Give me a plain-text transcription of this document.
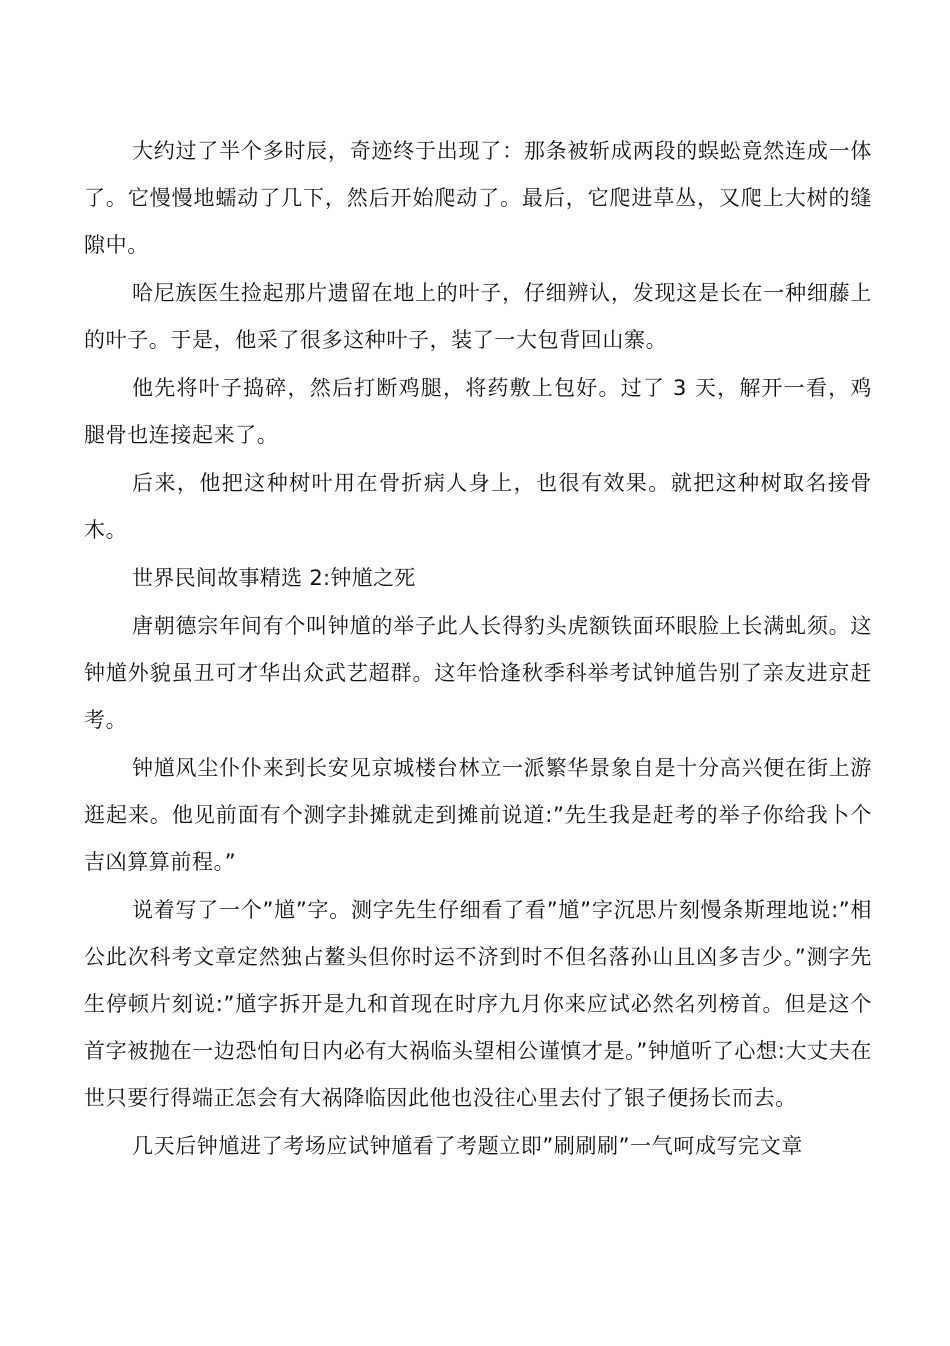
大约过了半个多时辰，奇迹终于出现了：那条被斩成两段的蜈蚣竟然连成一体了。它慢慢地蠕动了几下，然后开始爬动了。最后，它爬进草丛，又爬上大树的缝隙中。

哈尼族医生捡起那片遗留在地上的叶子，仔细辨认，发现这是长在一种细藤上的叶子。于是，他采了很多这种叶子，装了一大包背回山寨。

他先将叶子捣碎，然后打断鸡腿，将药敷上包好。过了 3 天，解开一看，鸡腿骨也连接起来了。

后来，他把这种树叶用在骨折病人身上，也很有效果。就把这种树取名接骨木。

世界民间故事精选 2:钟馗之死

唐朝德宗年间有个叫钟馗的举子此人长得豹头虎额铁面环眼脸上长满虬须。这钟馗外貌虽丑可才华出众武艺超群。这年恰逢秋季科举考试钟馗告别了亲友进京赶考。

钟馗风尘仆仆来到长安见京城楼台林立一派繁华景象自是十分高兴便在街上游逛起来。他见前面有个测字卦摊就走到摊前说道:”先生我是赶考的举子你给我卜个吉凶算算前程。”

说着写了一个”馗”字。测字先生仔细看了看”馗”字沉思片刻慢条斯理地说:”相公此次科考文章定然独占鳌头但你时运不济到时不但名落孙山且凶多吉少。”测字先生停顿片刻说:”馗字拆开是九和首现在时序九月你来应试必然名列榜首。但是这个首字被抛在一边恐怕旬日内必有大祸临头望相公谨慎才是。”钟馗听了心想:大丈夫在世只要行得端正怎会有大祸降临因此他也没往心里去付了银子便扬长而去。

几天后钟馗进了考场应试钟馗看了考题立即”刷刷刷”一气呵成写完文章
